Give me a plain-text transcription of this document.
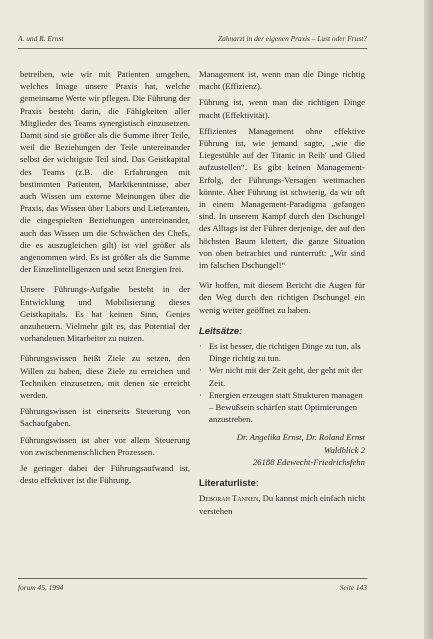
A. und R. Ernst	Zahnarzt in der eigenen Praxis – Lust oder Frust?

betreiben, wie wir mit Patienten umgehen, welches Image unsere Praxis hat, welche gemeinsame Werte wir pflegen. Die Führung der Praxis besteht darin, die Fähigkeiten aller Mitglieder des Teams synergistisch einzusetzen. Damit sind sie größer als die Summe ihrer Teile, weil die Beziehungen der Teile untereinander selbst der wichtigste Teil sind. Das Geistkapital des Teams (z.B. die Erfahrungen mit bestimmten Patienten, Marktkenntnisse, aber auch Wissen um externe Meinungen über die Praxis, das Wissen über Labors und Lieferanten, die eingespielten Beziehungen untereinander, auch das Wissen um die Schwächen des Chefs, die es auszugleichen gilt) ist viel größer als angenommen wird. Es ist größer als die Summe der Einzelintelligenzen und setzt Energien frei.

Unsere Führungs-Aufgabe besteht in der Entwicklung und Mobilisierung dieses Geistkapitals. Es hat keinen Sinn, Genies anzuheuern. Vielmehr gilt es, das Potential der vorhandenen Mitarbeiter zu nutzen.

Führungswissen heißt Ziele zu setzen, den Willen zu haben, diese Ziele zu erreichen und Techniken einzusetzen, mit denen sie erreicht werden.

Führungswissen ist einerseits Steuerung von Sachaufgaben.

Führungswissen ist aber vor allem Steuerung von zwischenmenschlichen Prozessen.

Je geringer dabei der Führungsaufwand ist, desto effektiver ist die Führung.

Management ist, wenn man die Dinge richtig macht (Effizienz).

Führung ist, wenn man die richtigen Dinge macht (Effektivität).

Effizientes Management ohne effektive Führung ist, wie jemand sagte, „wie die Liegestühle auf der Titanic in Reih' und Glied aufzustellen“. Es gibt keinen Management-Erfolg, der Führungs-Versagen wettmachen könnte. Aber Führung ist schwierig, da wir oft in einem Management-Paradigma gefangen sind. In unserem Kampf durch den Dschungel des Alltags ist der Führer derjenige, der auf den höchsten Baum klettert, die ganze Situation von oben betrachtet und runterruft: „Wir sind im falschen Dschungel!“

Wir hoffen, mit diesem Bericht die Augen für den Weg durch den richtigen Dschungel ein wenig weiter geöffnet zu haben.

Leitsätze:
· Es ist besser, die richtigen Dinge zu tun, als Dinge richtig zu tun.
· Wer nicht mit der Zeit geht, der geht mit der Zeit.
· Energien erzeugen statt Strukturen managen – Bewußsein schärfen statt Optimierungen anzustreben.
Dr. Angelika Ernst, Dr. Roland Ernst
Waldblick 2
26188 Edewecht-Friedrichsfehn
Literaturliste:

Deborah Tannen, Du kannst mich einfach nicht verstehen

forum 45, 1994	Seite 143
